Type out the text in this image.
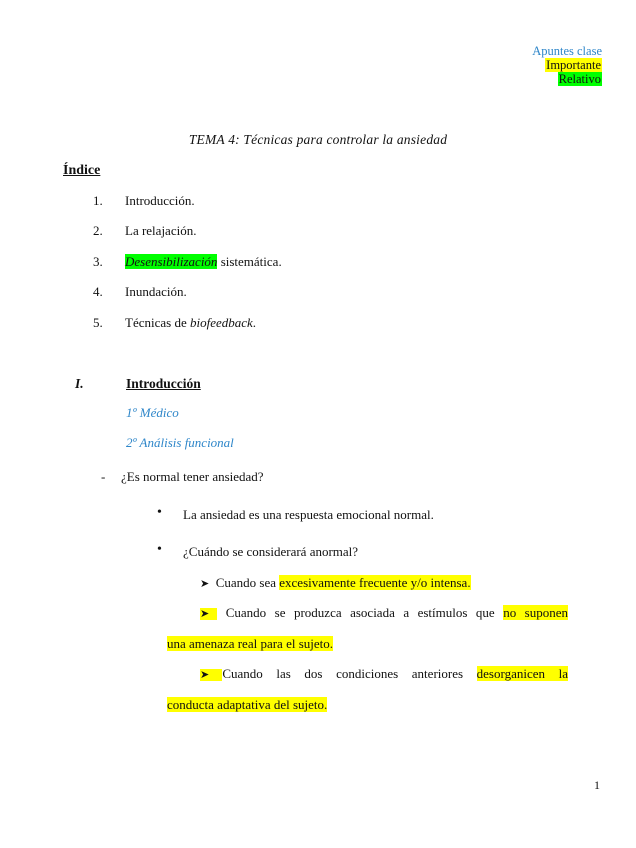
Apuntes clase
Importante
Relativo
TEMA 4: Técnicas para controlar la ansiedad
Índice
1. Introducción.
2. La relajación.
3. Desensibilización sistemática.
4. Inundación.
5. Técnicas de biofeedback.
I.	Introducción
1º Médico
2º Análisis funcional
- ¿Es normal tener ansiedad?
• La ansiedad es una respuesta emocional normal.
• ¿Cuándo se considerará anormal?
➤ Cuando sea excesivamente frecuente y/o intensa.
➤  Cuando se produzca asociada a estímulos que no suponen
una amenaza real para el sujeto.
➤ Cuando las dos condiciones anteriores desorganicen la
conducta adaptativa del sujeto.
1
